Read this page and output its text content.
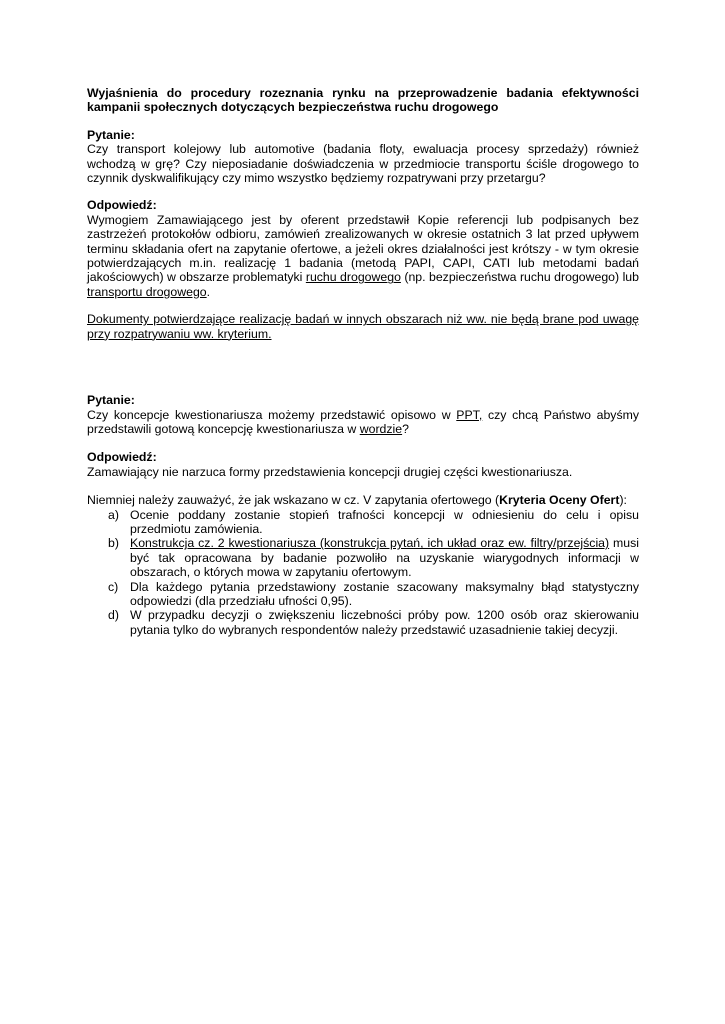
Wyjaśnienia do procedury rozeznania rynku na przeprowadzenie badania efektywności kampanii społecznych dotyczących bezpieczeństwa ruchu drogowego

Pytanie:

Czy transport kolejowy lub automotive (badania floty, ewaluacja procesy sprzedaży) również wchodzą w grę? Czy nieposiadanie doświadczenia w przedmiocie transportu ściśle drogowego to czynnik dyskwalifikujący czy mimo wszystko będziemy rozpatrywani przy przetargu?

Odpowiedź:

Wymogiem Zamawiającego jest by oferent przedstawił Kopie referencji lub podpisanych bez zastrzeżeń protokołów odbioru, zamówień zrealizowanych w okresie ostatnich 3 lat przed upływem terminu składania ofert na zapytanie ofertowe, a jeżeli okres działalności jest krótszy - w tym okresie potwierdzających m.in. realizację 1 badania (metodą PAPI, CAPI, CATI lub metodami badań jakościowych) w obszarze problematyki ruchu drogowego (np. bezpieczeństwa ruchu drogowego) lub transportu drogowego.

Dokumenty potwierdzające realizację badań w innych obszarach niż ww. nie będą brane pod uwagę przy rozpatrywaniu ww. kryterium.

Pytanie:

Czy koncepcje kwestionariusza możemy przedstawić opisowo w PPT, czy chcą Państwo abyśmy przedstawili gotową koncepcję kwestionariusza w wordzie?

Odpowiedź:

Zamawiający nie narzuca formy przedstawienia koncepcji drugiej części kwestionariusza.

Niemniej należy zauważyć, że jak wskazano w cz. V zapytania ofertowego (Kryteria Oceny Ofert):

a) Ocenie poddany zostanie stopień trafności koncepcji w odniesieniu do celu i opisu przedmiotu zamówienia.
b) Konstrukcja cz. 2 kwestionariusza (konstrukcja pytań, ich układ oraz ew. filtry/przejścia) musi być tak opracowana by badanie pozwoliło na uzyskanie wiarygodnych informacji w obszarach, o których mowa w zapytaniu ofertowym.
c) Dla każdego pytania przedstawiony zostanie szacowany maksymalny błąd statystyczny odpowiedzi (dla przedziału ufności 0,95).
d) W przypadku decyzji o zwiększeniu liczebności próby pow. 1200 osób oraz skierowaniu pytania tylko do wybranych respondentów należy przedstawić uzasadnienie takiej decyzji.
